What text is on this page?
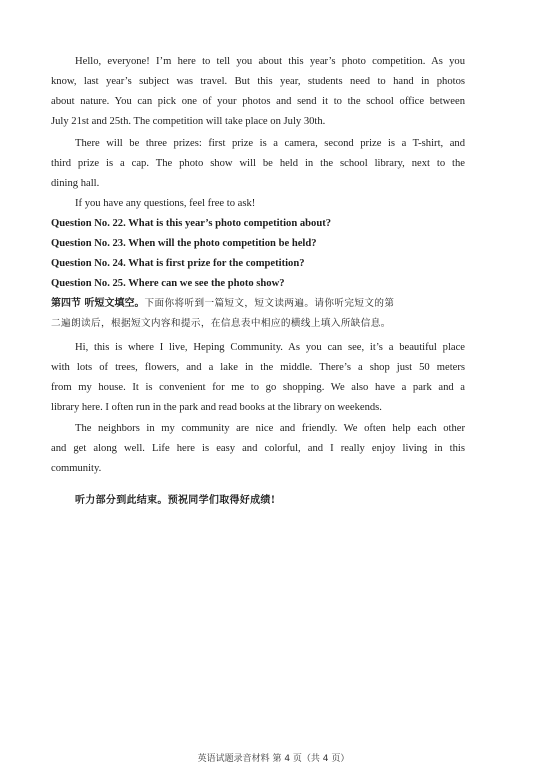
Hello, everyone! I’m here to tell you about this year’s photo competition. As you
know, last year’s subject was travel. But this year, students need to hand in photos
about nature. You can pick one of your photos and send it to the school office between
July 21st and 25th. The competition will take place on July 30th.
There will be three prizes: first prize is a camera, second prize is a T-shirt, and
third prize is a cap. The photo show will be held in the school library, next to the
dining hall.
If you have any questions, feel free to ask!
Question No. 22. What is this year’s photo competition about?
Question No. 23. When will the photo competition be held?
Question No. 24. What is first prize for the competition?
Question No. 25. Where can we see the photo show?
第四节 听短文填空。下面你将听到一篇短文，短文读两遍。请你听完短文的第
二遍朗读后，根据短文内容和提示，在信息表中相应的横线上填入所缺信息。
Hi, this is where I live, Heping Community. As you can see, it’s a beautiful place
with lots of trees, flowers, and a lake in the middle. There’s a shop just 50 meters
from my house. It is convenient for me to go shopping. We also have a park and a
library here. I often run in the park and read books at the library on weekends.
The neighbors in my community are nice and friendly. We often help each other
and get along well. Life here is easy and colorful, and I really enjoy living in this
community.
听力部分到此结束。预祝同学们取得好成绩!
英语试题录音材料 第 4 页（共 4 页）
